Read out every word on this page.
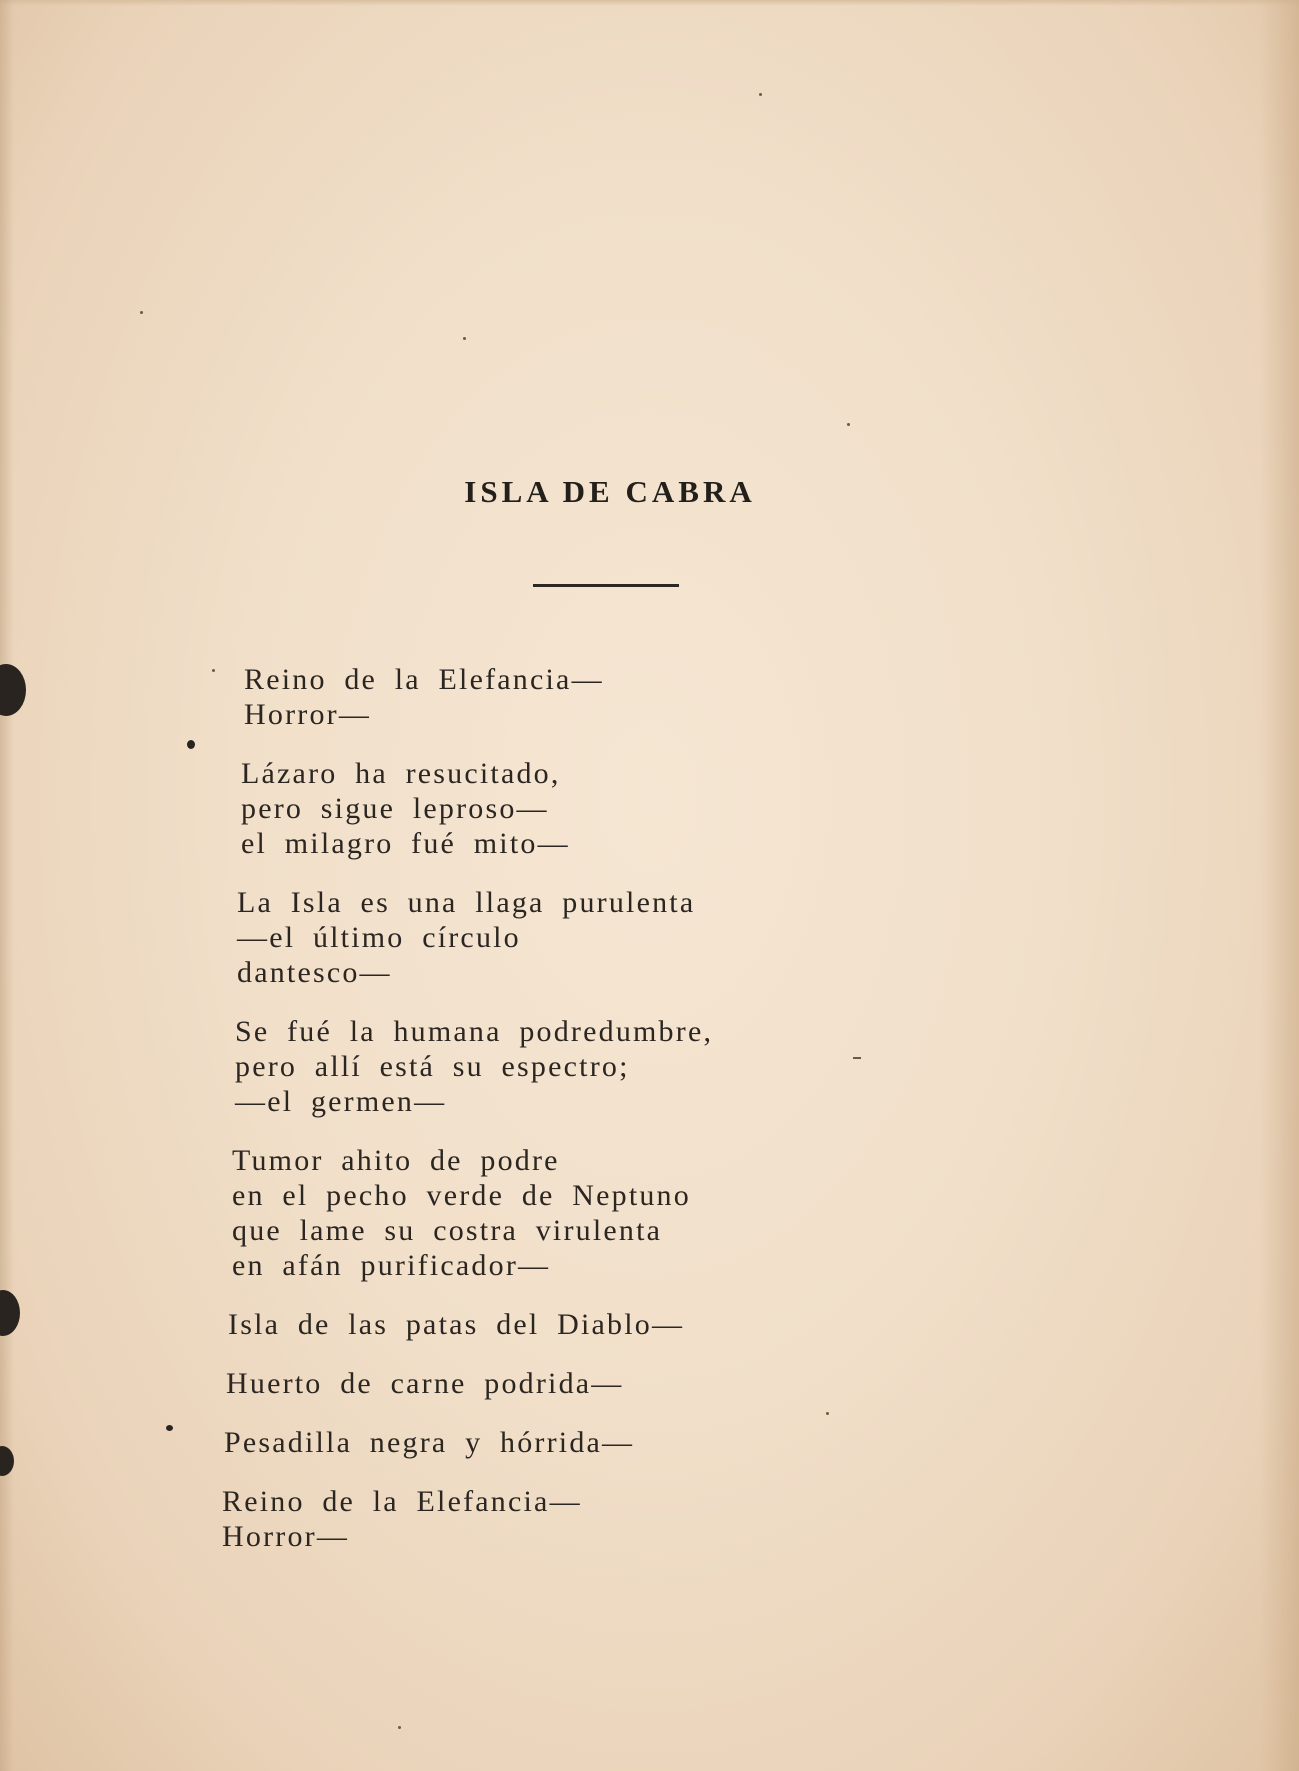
ISLA DE CABRA
Reino de la Elefancia—
Horror—
Lázaro ha resucitado,
pero sigue leproso—
el milagro fué mito—
La Isla es una llaga purulenta
—el último círculo
dantesco—
Se fué la humana podredumbre,
pero allí está su espectro;
—el germen—
Tumor ahito de podre
en el pecho verde de Neptuno
que lame su costra virulenta
en afán purificador—
Isla de las patas del Diablo—
Huerto de carne podrida—
Pesadilla negra y hórrida—
Reino de la Elefancia—
Horror—
